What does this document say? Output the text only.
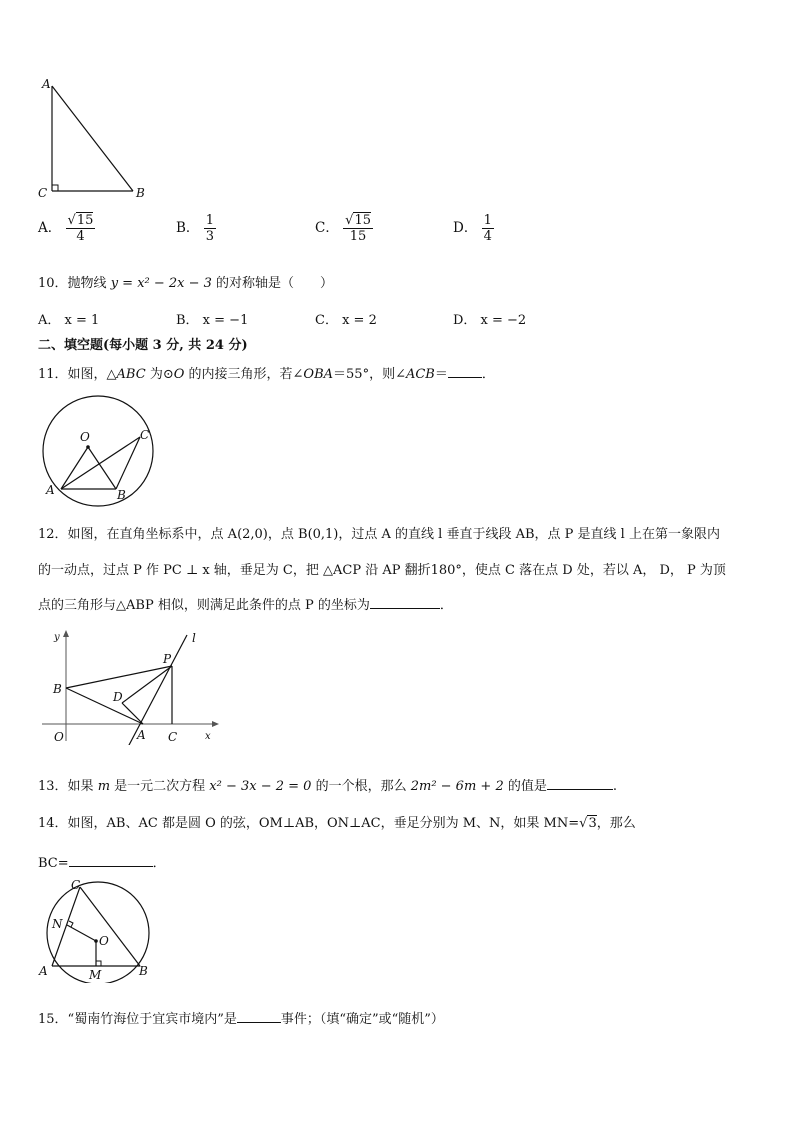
A
C	B
A． $\frac{√15}{4}$	B． $\frac{1}{3}$	C． $\frac{√15}{15}$	D． $\frac{1}{4}$
10．抛物线 y = x² − 2x − 3 的对称轴是（　　）
A． x = 1	B． x = −1	C． x = 2	D． x = −2
二、填空题(每小题 3 分, 共 24 分)
11．如图，△ABC 为⊙O 的内接三角形，若∠OBA＝55°，则∠ACB＝	．
O	C
A	B
12．如图，在直角坐标系中，点 A(2,0)，点 B(0,1)，过点 A 的直线 l 垂直于线段 AB，点 P 是直线 l 上在第一象限内
的一动点，过点 P 作 PC ⊥ x 轴，垂足为 C，把 △ACP 沿 AP 翻折180°，使点 C 落在点 D 处，若以 A， D， P 为顶
点的三角形与△ABP 相似，则满足此条件的点 P 的坐标为	．
y
x
O
B
D
P
l
A C
13．如果 m 是一元二次方程 x² − 3x − 2 = 0 的一个根，那么 2m² − 6m + 2 的值是	.
14．如图，AB、AC 都是圆 O 的弦，OM⊥AB，ON⊥AC，垂足分别为 M、N，如果 MN=√3，那么
BC=	．
C
N
O
A	M	B
15．“蜀南竹海位于宜宾市境内”是	事件；（填“确定”或“随机”）
